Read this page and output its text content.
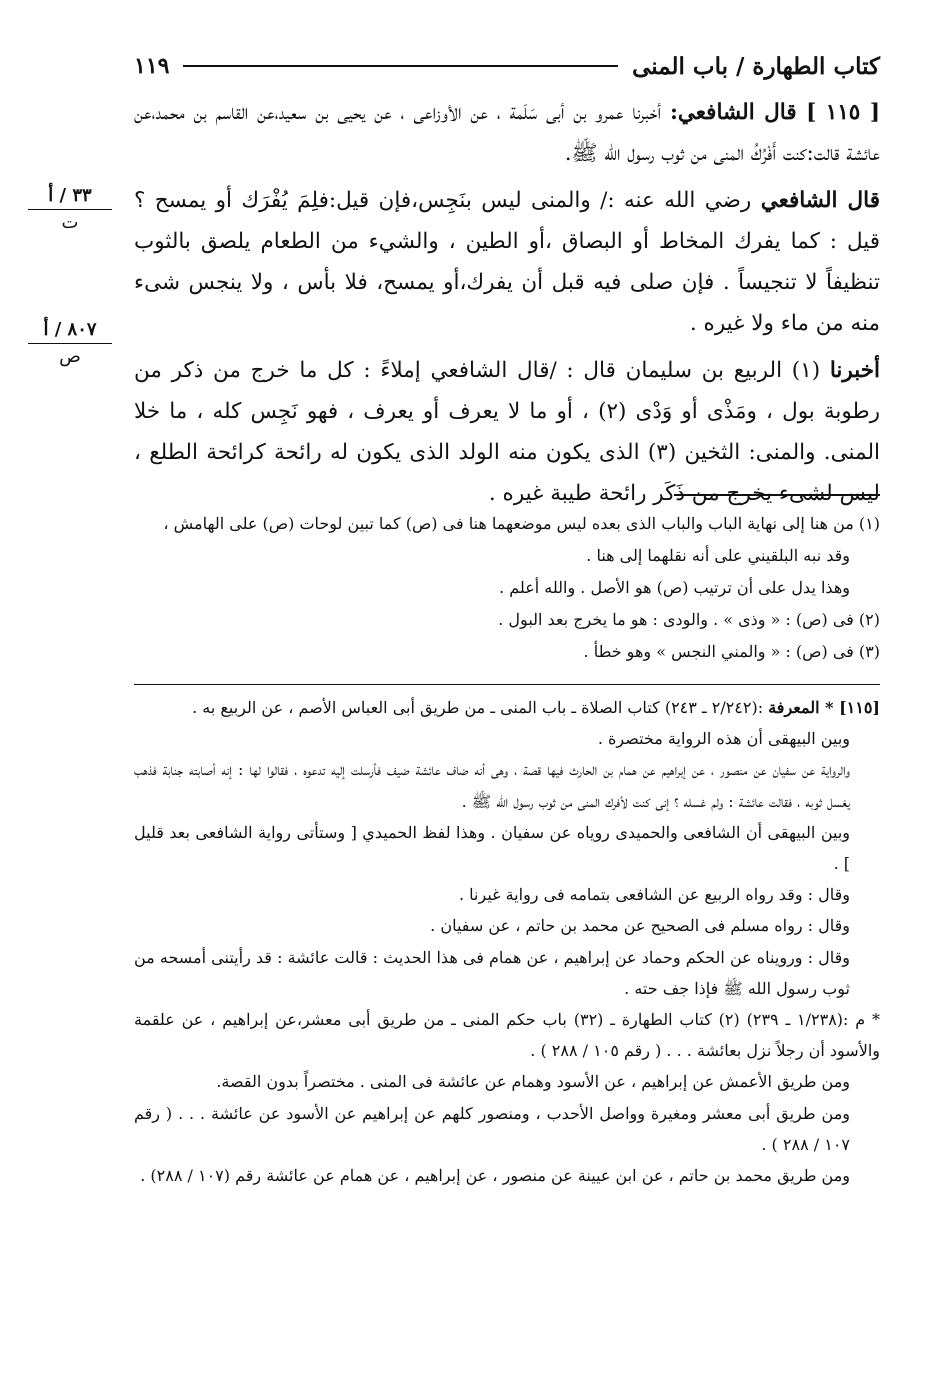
كتاب الطهارة / باب المنى
١١٩
٣٣ / أ
ت
٨٠٧ / أ
ص

[ ١١٥ ] قال الشافعي: أخبرنا عمرو بن أبى سَلَمة ، عن الأوزاعى ، عن يحيى بن سعيد،عن القاسم بن محمد،عن عائشة قالت:كنت أَفْرُكُ المنى من ثوب رسول الله ﷺ.

قال الشافعي رضي الله عنه :/ والمنى ليس بنَجِس،فإن قيل:فلِمَ يُفْرَك أو يمسح ؟ قيل : كما يفرك المخاط أو البصاق ،أو الطين ، والشيء من الطعام يلصق بالثوب تنظيفاً لا تنجيساً . فإن صلى فيه قبل أن يفرك،أو يمسح، فلا بأس ، ولا ينجس شىء منه من ماء ولا غيره .

أخبرنا (١) الربيع بن سليمان قال : /قال الشافعي إملاءً : كل ما خرج من ذكر من رطوبة بول ، ومَذْى أو وَدْى (٢) ، أو ما لا يعرف أو يعرف ، فهو نَجِس كله ، ما خلا المنى. والمنى: الثخين (٣) الذى يكون منه الولد الذى يكون له رائحة كرائحة الطلع ، ليس لشىء يخرج من ذَكَر رائحة طيبة غيره .

(١) من هنا إلى نهاية الباب والباب الذى بعده ليس موضعهما هنا فى (ص) كما تبين لوحات (ص) على الهامش ،

وقد نبه البلقيني على أنه نقلهما إلى هنا .

وهذا يدل على أن ترتيب (ص) هو الأصل . والله أعلم .

(٢) فى (ص) : « وذى » . والودى : هو ما يخرج بعد البول .

(٣) فى (ص) : « والمني النجس » وهو خطأ .

[١١٥] * المعرفة :(٢/٢٤٢ ـ ٢٤٣) كتاب الصلاة ـ باب المنى ـ من طريق أبى العباس الأصم ، عن الربيع به .

وبين البيهقى أن هذه الرواية مختصرة .

والرواية عن سفيان عن منصور ، عن إبراهيم عن همام بن الحارث فيها قصة ، وهى أنه ضاف عائشة ضيف فأرسلت إليه تدعوه ، فقالوا لها : إنه أصابته جنابة فذهب يغسل ثوبه ، فقالت عائشة : ولم غسله ؟ إنى كنت لأفرك المنى من ثوب رسول الله ﷺ .

وبين البيهقى أن الشافعى والحميدى روياه عن سفيان . وهذا لفظ الحميدي [ وستأتى رواية الشافعى بعد قليل ] .

وقال : وقد رواه الربيع عن الشافعى بتمامه فى رواية غيرنا .

وقال : رواه مسلم فى الصحيح عن محمد بن حاتم ، عن سفيان .

وقال : ورويناه عن الحكم وحماد عن إبراهيم ، عن همام فى هذا الحديث : قالت عائشة : قد رأيتنى أمسحه من ثوب رسول الله ﷺ فإذا جف حته .

* م :(١/٢٣٨ ـ ٢٣٩) (٢) كتاب الطهارة ـ (٣٢) باب حكم المنى ـ من طريق أبى معشر،عن إبراهيم ، عن علقمة والأسود أن رجلاً نزل بعائشة . . . ( رقم ١٠٥ / ٢٨٨ ) .

ومن طريق الأعمش عن إبراهيم ، عن الأسود وهمام عن عائشة فى المنى . مختصراً بدون القصة.

ومن طريق أبى معشر ومغيرة وواصل الأحدب ، ومنصور كلهم عن إبراهيم عن الأسود عن عائشة . . . ( رقم ١٠٧ / ٢٨٨ ) .

ومن طريق محمد بن حاتم ، عن ابن عيينة عن منصور ، عن إبراهيم ، عن همام عن عائشة رقم (١٠٧ / ٢٨٨) .
